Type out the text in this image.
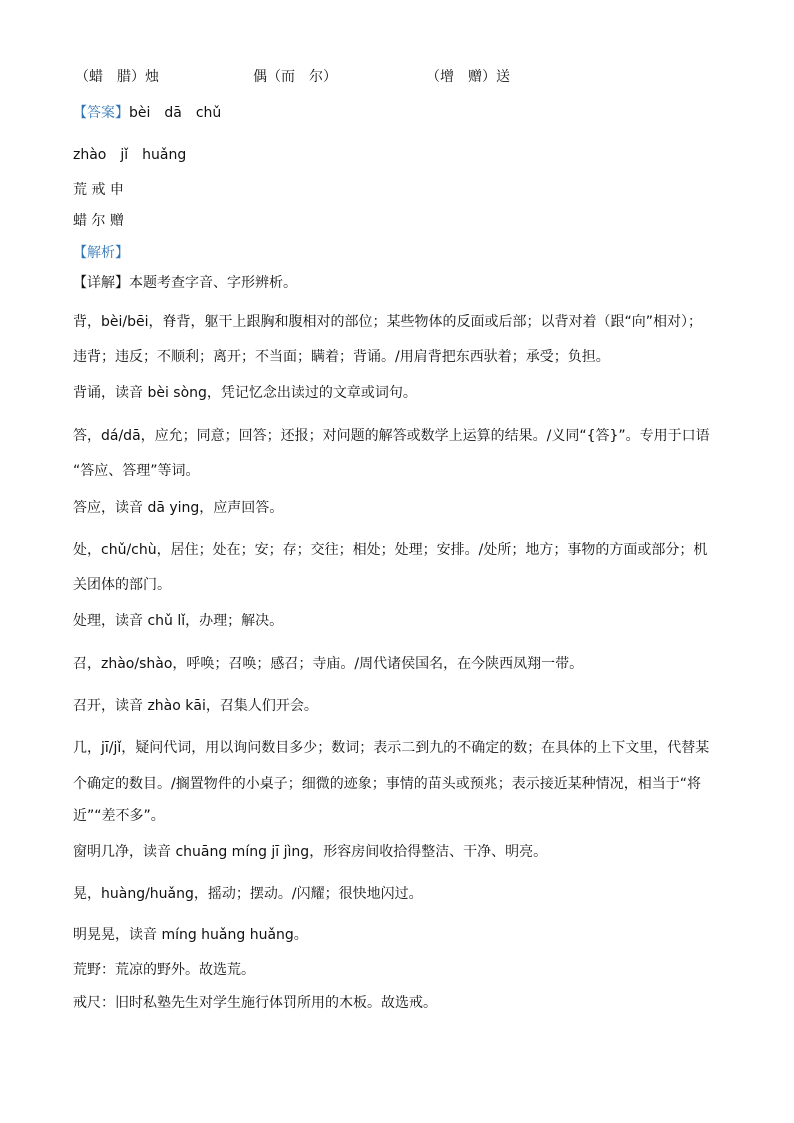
（蜡　腊）烛	偶（而　尔）	（增　赠）送
【答案】bèi　dā　chǔ
zhào　jǐ　huǎng
荒 戒 申
蜡 尔 赠
【解析】
【详解】本题考查字音、字形辨析。
背，bèi/bēi，脊背，躯干上跟胸和腹相对的部位；某些物体的反面或后部；以背对着（跟“向”相对）；
违背；违反；不顺利；离开；不当面；瞒着；背诵。/用肩背把东西驮着；承受；负担。
背诵，读音 bèi sòng，凭记忆念出读过的文章或词句。
答，dá/dā，应允；同意；回答；还报；对问题的解答或数学上运算的结果。/义同“{答}”。专用于口语
“答应、答理”等词。
答应，读音 dā ying，应声回答。
处，chǔ/chù，居住；处在；安；存；交往；相处；处理；安排。/处所；地方；事物的方面或部分；机
关团体的部门。
处理，读音 chǔ lǐ，办理；解决。
召，zhào/shào，呼唤；召唤；感召；寺庙。/周代诸侯国名，在今陕西凤翔一带。
召开，读音 zhào kāi，召集人们开会。
几，jī/jǐ，疑问代词，用以询问数目多少；数词；表示二到九的不确定的数；在具体的上下文里，代替某
个确定的数目。/搁置物件的小桌子；细微的迹象；事情的苗头或预兆；表示接近某种情况，相当于“将
近”“差不多”。
窗明几净，读音 chuāng míng jī jìng，形容房间收拾得整洁、干净、明亮。
晃，huàng/huǎng，摇动；摆动。/闪耀；很快地闪过。
明晃晃，读音 míng huǎng huǎng。
荒野：荒凉的野外。故选荒。
戒尺：旧时私塾先生对学生施行体罚所用的木板。故选戒。
